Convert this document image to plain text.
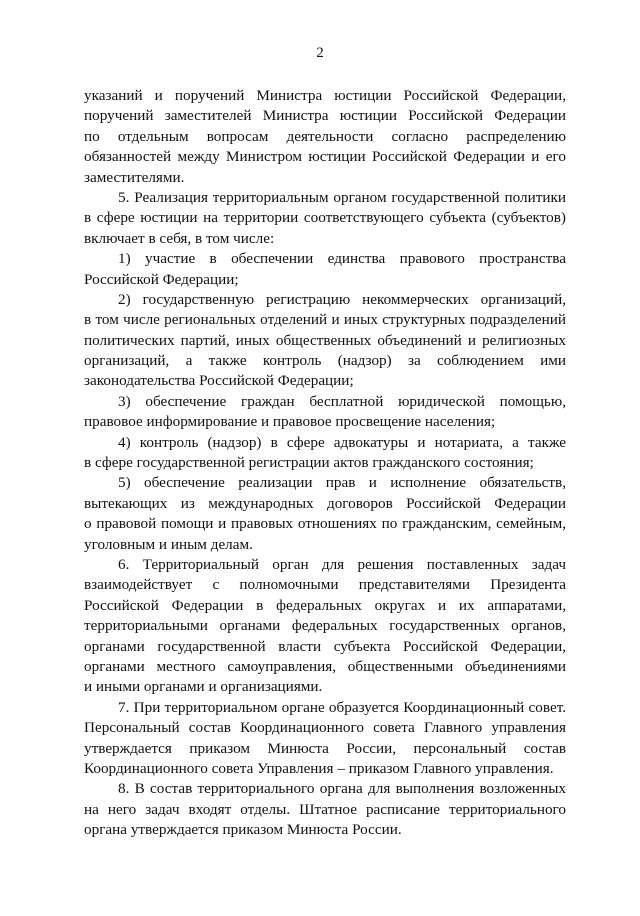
2
указаний и поручений Министра юстиции Российской Федерации,
поручений заместителей Министра юстиции Российской Федерации
по отдельным вопросам деятельности согласно распределению
обязанностей между Министром юстиции Российской Федерации и его
заместителями.
5. Реализация территориальным органом государственной политики
в сфере юстиции на территории соответствующего субъекта (субъектов)
включает в себя, в том числе:
1) участие в обеспечении единства правового пространства
Российской Федерации;
2) государственную регистрацию некоммерческих организаций,
в том числе региональных отделений и иных структурных подразделений
политических партий, иных общественных объединений и религиозных
организаций, а также контроль (надзор) за соблюдением ими
законодательства Российской Федерации;
3) обеспечение граждан бесплатной юридической помощью,
правовое информирование и правовое просвещение населения;
4) контроль (надзор) в сфере адвокатуры и нотариата, а также
в сфере государственной регистрации актов гражданского состояния;
5) обеспечение реализации прав и исполнение обязательств,
вытекающих из международных договоров Российской Федерации
о правовой помощи и правовых отношениях по гражданским, семейным,
уголовным и иным делам.
6. Территориальный орган для решения поставленных задач
взаимодействует с полномочными представителями Президента
Российской Федерации в федеральных округах и их аппаратами,
территориальными органами федеральных государственных органов,
органами государственной власти субъекта Российской Федерации,
органами местного самоуправления, общественными объединениями
и иными органами и организациями.
7. При территориальном органе образуется Координационный совет.
Персональный состав Координационного совета Главного управления
утверждается приказом Минюста России, персональный состав
Координационного совета Управления – приказом Главного управления.
8. В состав территориального органа для выполнения возложенных
на него задач входят отделы. Штатное расписание территориального
органа утверждается приказом Минюста России.
